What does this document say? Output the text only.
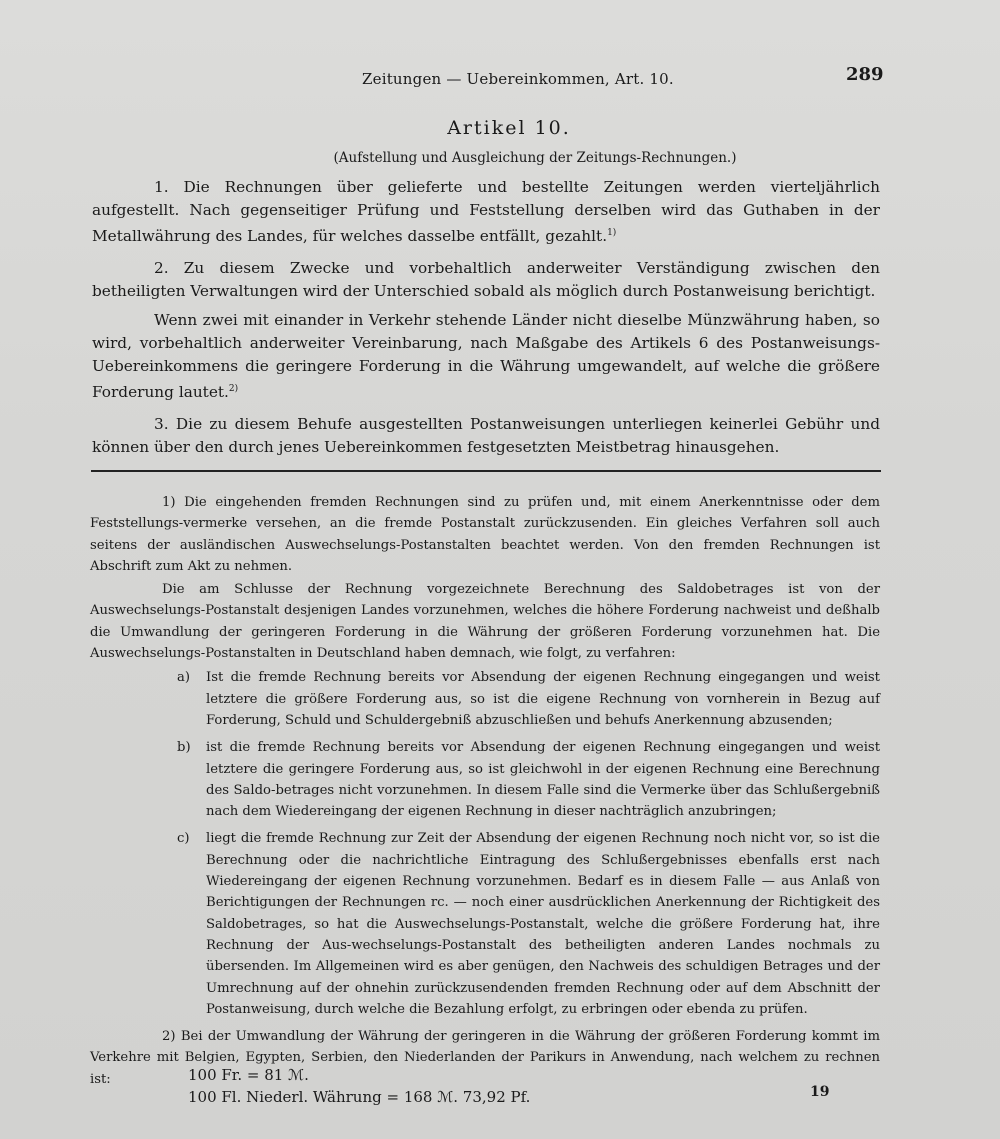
Zeitungen — Uebereinkommen, Art. 10.	289
Artikel 10.
(Aufstellung und Ausgleichung der Zeitungs-Rechnungen.)

1. Die Rechnungen über gelieferte und bestellte Zeitungen werden vierteljährlich aufgestellt. Nach gegenseitiger Prüfung und Feststellung derselben wird das Guthaben in der Metallwährung des Landes, für welches dasselbe entfällt, gezahlt.$^{1)}$

2. Zu diesem Zwecke und vorbehaltlich anderweiter Verständigung zwischen den betheiligten Verwaltungen wird der Unterschied sobald als möglich durch Postanweisung berichtigt.

Wenn zwei mit einander in Verkehr stehende Länder nicht dieselbe Münzwährung haben, so wird, vorbehaltlich anderweiter Vereinbarung, nach Maßgabe des Artikels 6 des Postanweisungs-Uebereinkommens die geringere Forderung in die Währung umgewandelt, auf welche die größere Forderung lautet.$^{2)}$

3. Die zu diesem Behufe ausgestellten Postanweisungen unterliegen keinerlei Gebühr und können über den durch jenes Uebereinkommen festgesetzten Meistbetrag hinausgehen.

1) Die eingehenden fremden Rechnungen sind zu prüfen und, mit einem Anerkenntnisse oder dem Feststellungs-vermerke versehen, an die fremde Postanstalt zurückzusenden. Ein gleiches Verfahren soll auch seitens der ausländischen Auswechselungs-Postanstalten beachtet werden. Von den fremden Rechnungen ist Abschrift zum Akt zu nehmen.

Die am Schlusse der Rechnung vorgezeichnete Berechnung des Saldobetrages ist von der Auswechselungs-Postanstalt desjenigen Landes vorzunehmen, welches die höhere Forderung nachweist und deßhalb die Umwandlung der geringeren Forderung in die Währung der größeren Forderung vorzunehmen hat. Die Auswechselungs-Postanstalten in Deutschland haben demnach, wie folgt, zu verfahren:

a) Ist die fremde Rechnung bereits vor Absendung der eigenen Rechnung eingegangen und weist letztere die größere Forderung aus, so ist die eigene Rechnung von vornherein in Bezug auf Forderung, Schuld und Schuldergebniß abzuschließen und behufs Anerkennung abzusenden;
b) ist die fremde Rechnung bereits vor Absendung der eigenen Rechnung eingegangen und weist letztere die geringere Forderung aus, so ist gleichwohl in der eigenen Rechnung eine Berechnung des Saldo-betrages nicht vorzunehmen. In diesem Falle sind die Vermerke über das Schlußergebniß nach dem Wiedereingang der eigenen Rechnung in dieser nachträglich anzubringen;
c) liegt die fremde Rechnung zur Zeit der Absendung der eigenen Rechnung noch nicht vor, so ist die Berechnung oder die nachrichtliche Eintragung des Schlußergebnisses ebenfalls erst nach Wiedereingang der eigenen Rechnung vorzunehmen. Bedarf es in diesem Falle — aus Anlaß von Berichtigungen der Rechnungen rc. — noch einer ausdrücklichen Anerkennung der Richtigkeit des Saldobetrages, so hat die Auswechselungs-Postanstalt, welche die größere Forderung hat, ihre Rechnung der Aus-wechselungs-Postanstalt des betheiligten anderen Landes nochmals zu übersenden. Im Allgemeinen wird es aber genügen, den Nachweis des schuldigen Betrages und der Umrechnung auf der ohnehin zurückzusendenden fremden Rechnung oder auf dem Abschnitt der Postanweisung, durch welche die Bezahlung erfolgt, zu erbringen oder ebenda zu prüfen.

2) Bei der Umwandlung der Währung der geringeren in die Währung der größeren Forderung kommt im Verkehre mit Belgien, Egypten, Serbien, den Niederlanden der Parikurs in Anwendung, nach welchem zu rechnen ist:	100 Fr. = 81 ℳ.
100 Fl. Niederl. Währung = 168 ℳ. 73,92 Pf.	19
